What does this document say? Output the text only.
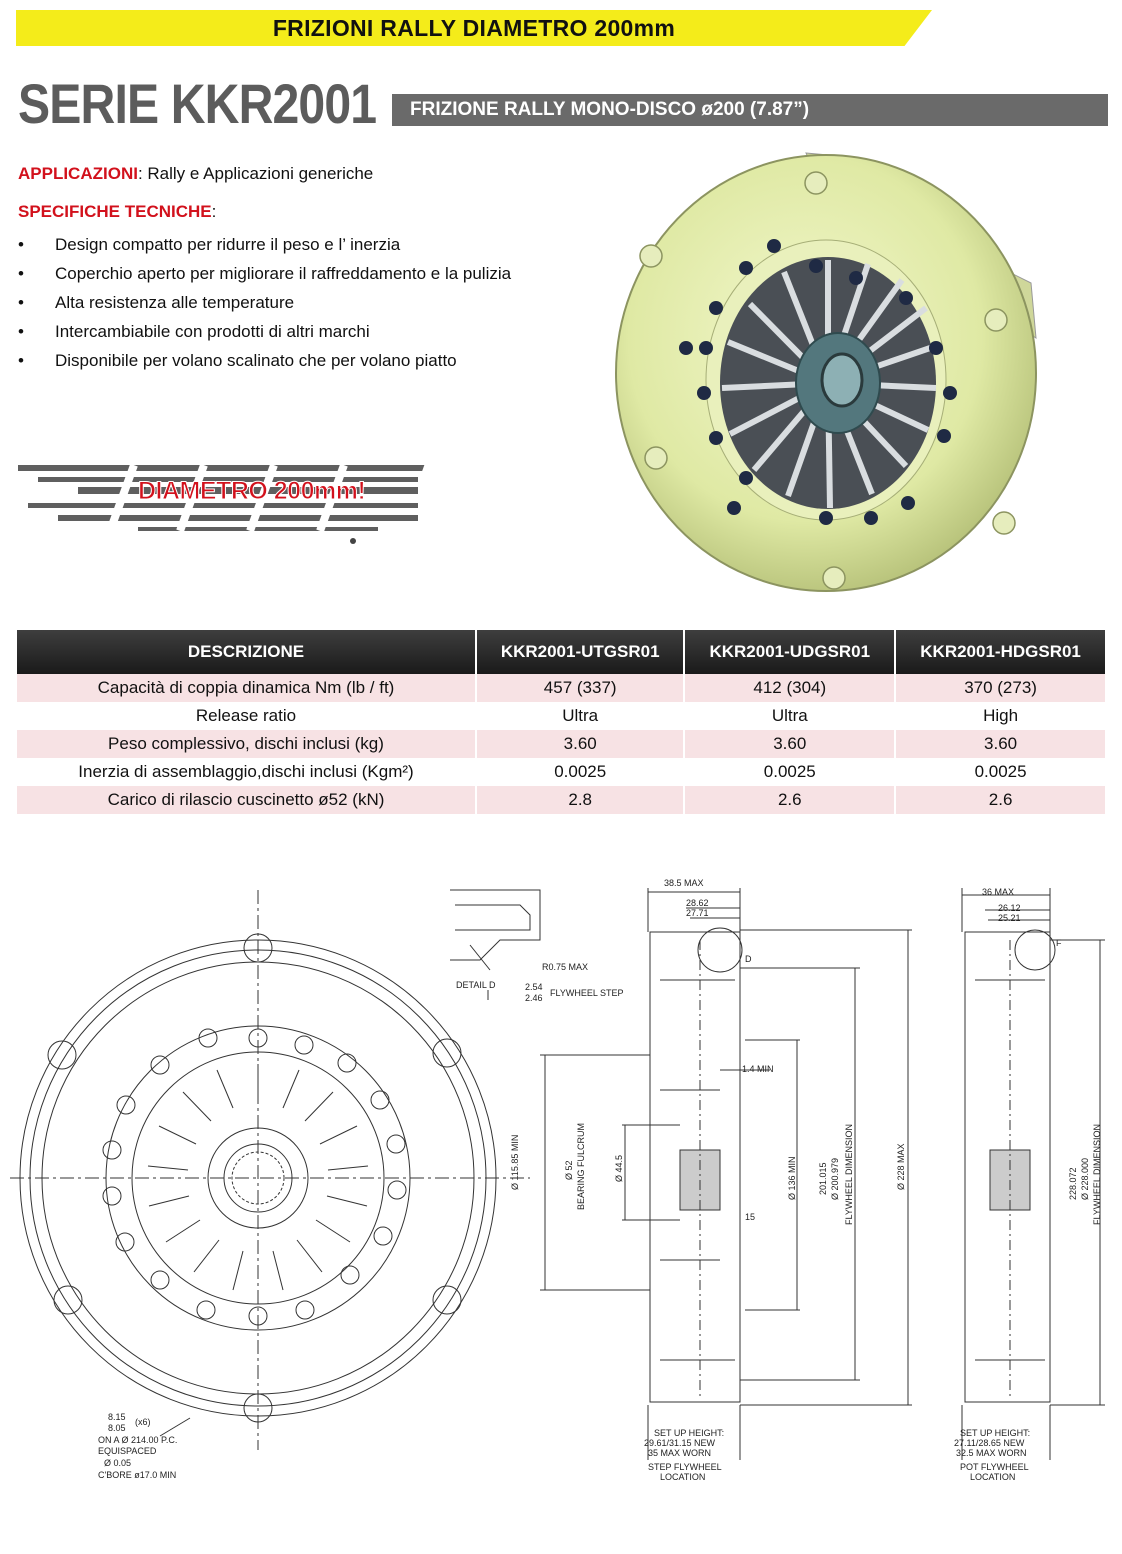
FRIZIONI RALLY DIAMETRO 200mm
SERIE KKR2001 FRIZIONE RALLY MONO-DISCO ø200 (7.87”)
APPLICAZIONI: Rally e Applicazioni generiche
SPECIFICHE TECNICHE:
• Design compatto per ridurre il peso e l’ inerzia
• Coperchio aperto per migliorare il raffreddamento e la pulizia
• Alta resistenza alle temperature
• Intercambiabile con prodotti di altri marchi
• Disponibile per volano scalinato che per volano piatto
DIAMETRO 200mm!
DESCRIZIONE	KKR2001-UTGSR01	KKR2001-UDGSR01	KKR2001-HDGSR01
Capacità di coppia dinamica Nm (lb / ft)	457 (337)	412 (304)	370 (273)
Release ratio	Ultra	Ultra	High
Peso complessivo, dischi inclusi (kg)	3.60	3.60	3.60
Inerzia di assemblaggio,dischi inclusi (Kgm²)	0.0025	0.0025	0.0025
Carico di rilascio cuscinetto ø52 (kN)	2.8	2.6	2.6
DETAIL D
R0.75 MAX
2.54
2.46 FLYWHEEL STEP
8.15
8.05
(x6)
ON A Ø 214.00 P.C.
EQUISPACED
Ø 0.05
C'BORE ø17.0 MIN
38.5 MAX
28.62
27.71
D
1.4 MIN
15
Ø 115.85 MIN	Ø 52 BEARING FULCRUM	Ø 44.5	Ø 136 MIN 201.015 Ø 200.979 FLYWHEEL DIMENSION	Ø 228 MAX
SET UP HEIGHT:
29.61/31.15 NEW
35 MAX WORN
STEP FLYWHEEL
LOCATION
36 MAX
26.12
25.21
F
228.072 Ø 228.000 FLYWHEEL DIMENSION
SET UP HEIGHT:
27.11/28.65 NEW
32.5 MAX WORN
POT FLYWHEEL
LOCATION
